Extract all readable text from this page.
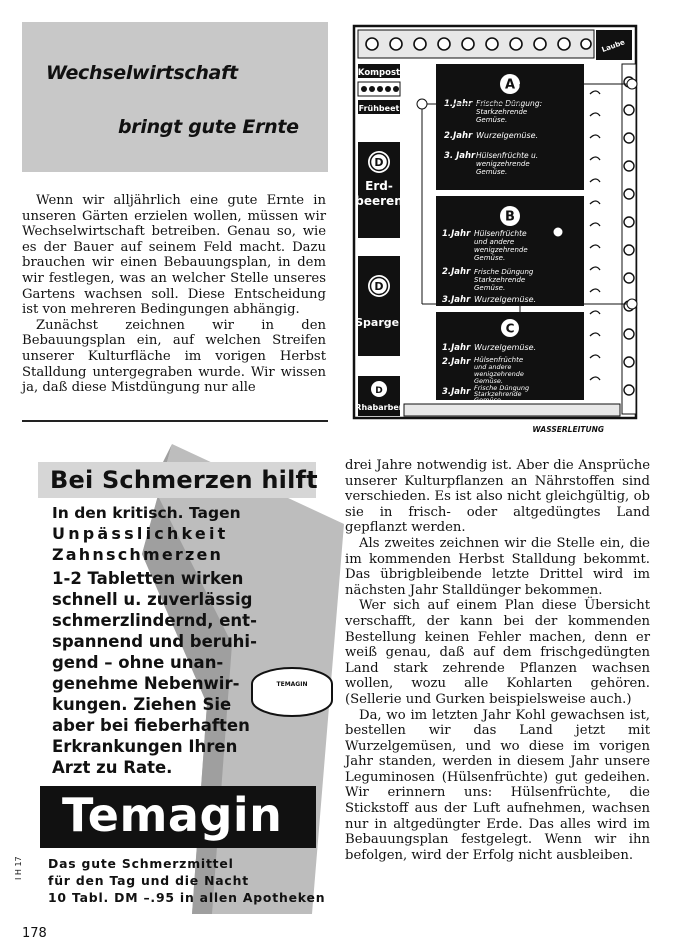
Wechselwirtschaft
bringt gute Ernte

Wenn wir alljährlich eine gute Ernte in unseren Gärten erzielen wollen, müssen wir Wechselwirtschaft betreiben. Genau so, wie es der Bauer auf seinem Feld macht. Dazu brauchen wir einen Bebauungsplan, in dem wir festlegen, was an welcher Stelle unseres Gartens wachsen soll. Diese Entscheidung ist von mehreren Bedingungen abhängig.

Zunächst zeichnen wir in den Bebauungsplan ein, auf welchen Streifen unserer Kulturfläche im vorigen Herbst Stalldung untergegraben wurde. Wir wissen ja, daß diese Mistdüngung nur alle

Laube
Kompost
Frühbeet
D
Erd-
beeren
D
Spargel
D
Rhabarber
WASSERLEITUNG
A
1.Jahr Frische Düngung:
Starkzehrende
Gemüse.
2.Jahr Wurzelgemüse.
3. Jahr Hülsenfrüchte u.
wenigzehrende
Gemüse.
B
1.Jahr Hülsenfrüchte
und andere
wenigzehrende
Gemüse.
2.Jahr Frische Düngung
Starkzehrende
Gemüse.
3.Jahr Wurzelgemüse.
C
1.Jahr Wurzelgemüse.
2.Jahr Hülsenfrüchte
und andere
wenigzehrende
Gemüse.
3.Jahr Frische Düngung
Starkzehrende
Gemüse.
TEMAGIN
Bei Schmerzen hilft
In den kritisch. Tagen
Unpässlichkeit
Zahnschmerzen
1-2 Tabletten wirken
schnell u. zuverlässig
schmerzlindernd, ent-
spannend und beruhi-
gend – ohne unan-
genehme Nebenwir-
kungen. Ziehen Sie
aber bei fieberhaften
Erkrankungen Ihren
Arzt zu Rate.
Temagin
Das gute Schmerzmittel
für den Tag und die Nacht
10 Tabl. DM –.95 in allen Apotheken
I H 17

drei Jahre notwendig ist. Aber die Ansprüche unserer Kulturpflanzen an Nährstoffen sind verschieden. Es ist also nicht gleichgültig, ob sie in frisch- oder altgedüngtes Land gepflanzt werden.

Als zweites zeichnen wir die Stelle ein, die im kommenden Herbst Stalldung bekommt. Das übrigbleibende letzte Drittel wird im nächsten Jahr Stalldünger bekommen.

Wer sich auf einem Plan diese Übersicht verschafft, der kann bei der kommenden Bestellung keinen Fehler machen, denn er weiß genau, daß auf dem frischgedüngten Land stark zehrende Pflanzen wachsen wollen, wozu alle Kohlarten gehören. (Sellerie und Gurken beispielsweise auch.)

Da, wo im letzten Jahr Kohl gewachsen ist, bestellen wir das Land jetzt mit Wurzelgemüsen, und wo diese im vorigen Jahr standen, werden in diesem Jahr unsere Leguminosen (Hülsenfrüchte) gut gedeihen. Wir erinnern uns: Hülsenfrüchte, die Stickstoff aus der Luft aufnehmen, wachsen nur in altgedüngter Erde. Das alles wird im Bebauungsplan festgelegt. Wenn wir ihn befolgen, wird der Erfolg nicht ausbleiben.

178
